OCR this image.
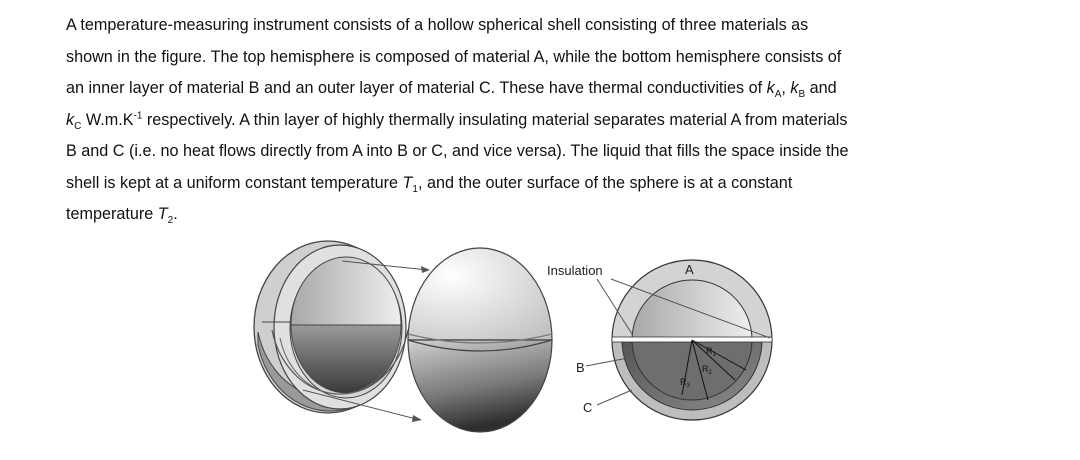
A temperature-measuring instrument consists of a hollow spherical shell consisting of three materials as
shown in the figure. The top hemisphere is composed of material A, while the bottom hemisphere consists of
an inner layer of material B and an outer layer of material C. These have thermal conductivities of $k_A$, $k_B$ and
$k_C$ $W.m.K^{-1}$ respectively. A thin layer of highly thermally insulating material separates material A from materials
B and C (i.e. no heat flows directly from A into B or C, and vice versa). The liquid that fills the space inside the
shell is kept at a uniform constant temperature $T_1$, and the outer surface of the sphere is at a constant
temperature $T_2$.

Insulation	A
B
C
$R_1$
$R_2$
$R_3$
